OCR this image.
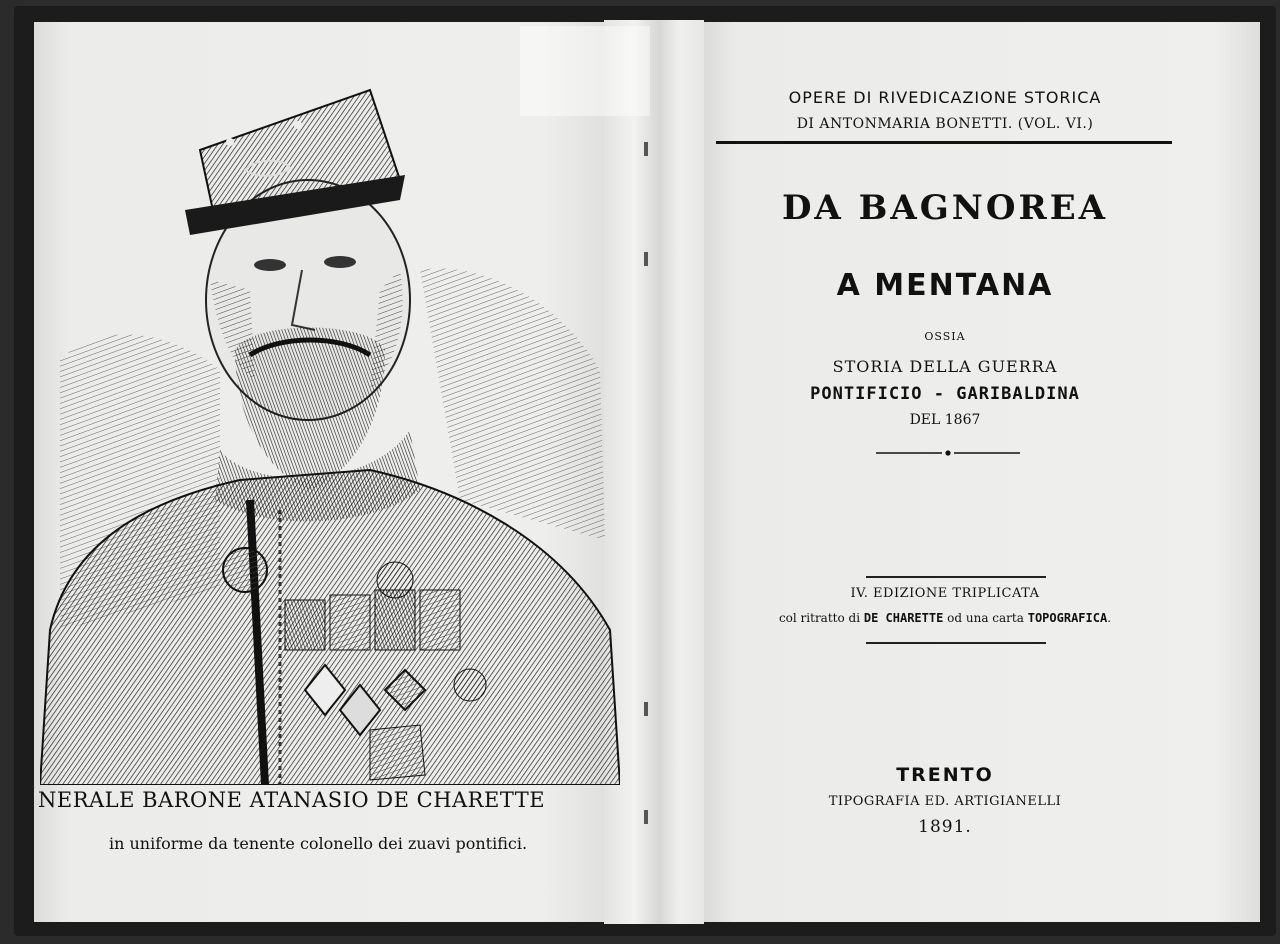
NERALE BARONE ATANASIO DE CHARETTE
in uniforme da tenente colonello dei zuavi pontifici.
OPERE DI RIVEDICAZIONE STORICA
DI ANTONMARIA BONETTI. (VOL. VI.)
DA BAGNOREA
A MENTANA
OSSIA
STORIA DELLA GUERRA
PONTIFICIO - GARIBALDINA
DEL 1867
IV. EDIZIONE TRIPLICATA
col ritratto di DE CHARETTE od una carta TOPOGRAFICA.
TRENTO
TIPOGRAFIA ED. ARTIGIANELLI
1891.
